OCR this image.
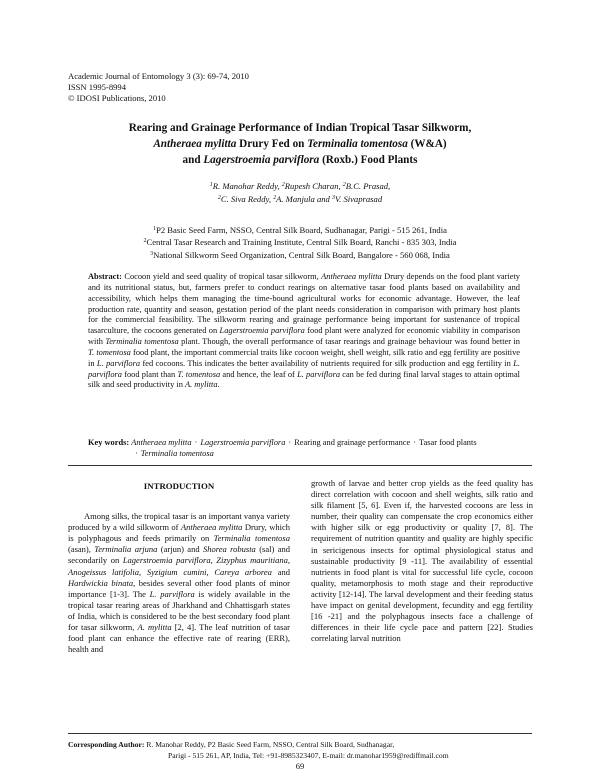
Academic Journal of Entomology 3 (3): 69-74, 2010
ISSN 1995-8994
© IDOSI Publications, 2010
Rearing and Grainage Performance of Indian Tropical Tasar Silkworm,
Antheraea mylitta Drury Fed on Terminalia tomentosa (W&A)
and Lagerstroemia parviflora (Roxb.) Food Plants
$^1$R. Manohar Reddy, $^2$Rupesh Charan, $^2$B.C. Prasad,
$^2$C. Siva Reddy, $^2$A. Manjula and $^3$V. Sivaprasad
$^1$P2 Basic Seed Farm, NSSO, Central Silk Board, Sudhanagar, Parigi - 515 261, India
$^2$Central Tasar Research and Training Institute, Central Silk Board, Ranchi - 835 303, India
$^3$National Silkworm Seed Organization, Central Silk Board, Bangalore - 560 068, India
Abstract: Cocoon yield and seed quality of tropical tasar silkworm, Antheraea mylitta Drury depends on the food plant variety and its nutritional status, but, farmers prefer to conduct rearings on alternative tasar food plants based on availability and accessibility, which helps them managing the time-bound agricultural works for economic advantage. However, the leaf production rate, quantity and season, gestation period of the plant needs consideration in comparison with primary host plants for the commercial feasibility. The silkworm rearing and grainage performance being important for sustenance of tropical tasarculture, the cocoons generated on Lagerstroemia parviflora food plant were analyzed for economic viability in comparison with Terminalia tomentosa plant. Though, the overall performance of tasar rearings and grainage behaviour was found better in T. tomentosa food plant, the important commercial traits like cocoon weight, shell weight, silk ratio and egg fertility are positive in L. parviflora fed cocoons. This indicates the better availability of nutrients required for silk production and egg fertility in L. parviflora food plant than T. tomentosa and hence, the leaf of L. parviflora can be fed during final larval stages to attain optimal silk and seed productivity in A. mylitta.
Key words: Antheraea mylitta · Lagerstroemia parviflora · Rearing and grainage performance · Tasar food plants
· Terminalia tomentosa
INTRODUCTION

Among silks, the tropical tasar is an important vanya variety produced by a wild silkworm of Antheraea mylitta Drury, which is polyphagous and feeds primarily on Terminalia tomentosa (asan), Terminalia arjuna (arjun) and Shorea robusta (sal) and secondarily on Lagerstroemia parviflora, Zizyphus mauritiana, Anogeissus latifolia, Syzigium cumini, Careya arborea and Hardwickia binata, besides several other food plants of minor importance [1-3]. The L. parviflora is widely available in the tropical tasar rearing areas of Jharkhand and Chhattisgarh states of India, which is considered to be the best secondary food plant for tasar silkworm, A. mylitta [2, 4]. The leaf nutrition of tasar food plant can enhance the effective rate of rearing (ERR), health and

growth of larvae and better crop yields as the feed quality has direct correlation with cocoon and shell weights, silk ratio and silk filament [5, 6]. Even if, the harvested cocoons are less in number, their quality can compensate the crop economics either with higher silk or egg productivity or quality [7, 8]. The requirement of nutrition quantity and quality are highly specific in sericigenous insects for optimal physiological status and sustainable productivity [9 -11]. The availability of essential nutrients in food plant is vital for successful life cycle, cocoon quality, metamorphosis to moth stage and their reproductive activity [12-14]. The larval development and their feeding status have impact on genital development, fecundity and egg fertility [16 -21] and the polyphagous insects face a challenge of differences in their life cycle pace and pattern [22]. Studies correlating larval nutrition

Corresponding Author: R. Manohar Reddy, P2 Basic Seed Farm, NSSO, Central Silk Board, Sudhanagar,
Parigi - 515 261, AP, India, Tel: +91-8985323407, E-mail: dr.manohar1959@rediffmail.com
69
